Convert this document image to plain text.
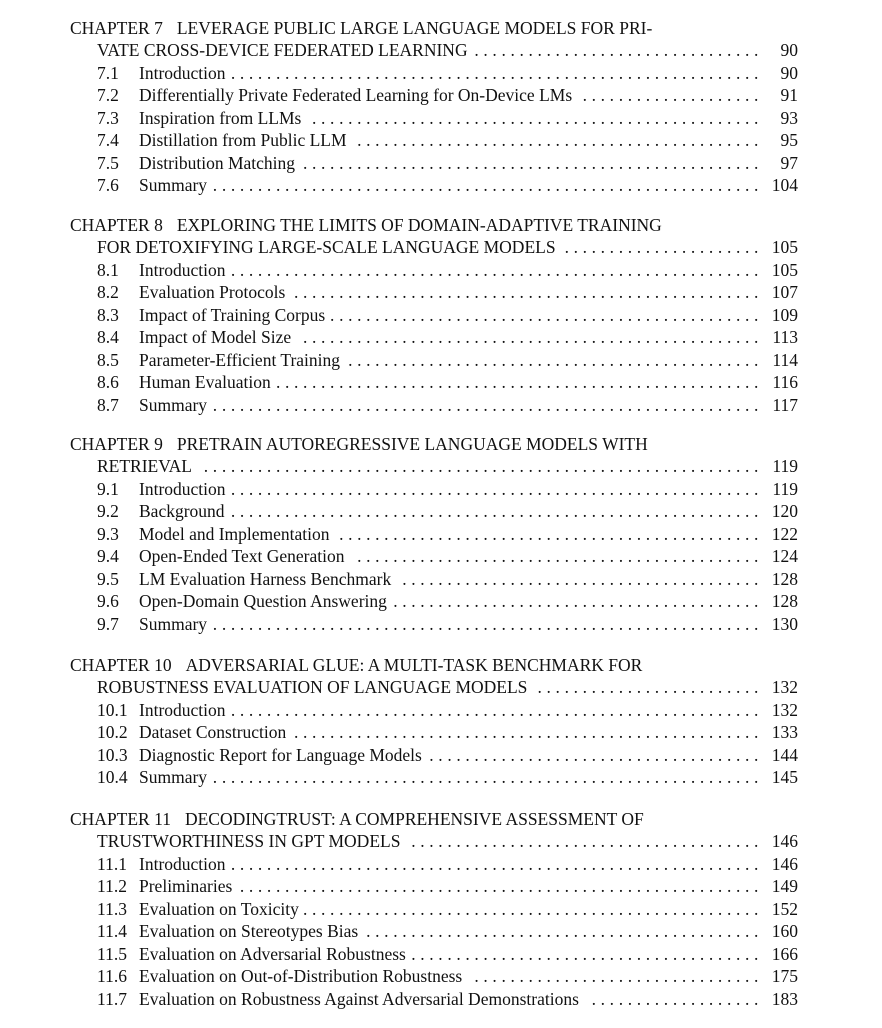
CHAPTER 7 LEVERAGE PUBLIC LARGE LANGUAGE MODELS FOR PRI-
VATE CROSS-DEVICE FEDERATED LEARNING . . . . . . . . . . . . . . . . . . . . . . . . . . . . . . . .	90
7.1 Introduction . . . . . . . . . . . . . . . . . . . . . . . . . . . . . . . . . . . . . . . . . . . . . . . . . . . . . . . . . . .	90
7.2 Differentially Private Federated Learning for On-Device LMs . . . . . . . . . . . . . . . . . . . .	91
7.3 Inspiration from LLMs . . . . . . . . . . . . . . . . . . . . . . . . . . . . . . . . . . . . . . . . . . . . . . . . . .	93
7.4 Distillation from Public LLM . . . . . . . . . . . . . . . . . . . . . . . . . . . . . . . . . . . . . . . . . . . . .	95
7.5 Distribution Matching . . . . . . . . . . . . . . . . . . . . . . . . . . . . . . . . . . . . . . . . . . . . . . . . . . .	97
7.6 Summary . . . . . . . . . . . . . . . . . . . . . . . . . . . . . . . . . . . . . . . . . . . . . . . . . . . . . . . . . . . . . 104
CHAPTER 8 EXPLORING THE LIMITS OF DOMAIN-ADAPTIVE TRAINING
FOR DETOXIFYING LARGE-SCALE LANGUAGE MODELS . . . . . . . . . . . . . . . . . . . . . . 105
8.1 Introduction . . . . . . . . . . . . . . . . . . . . . . . . . . . . . . . . . . . . . . . . . . . . . . . . . . . . . . . . . . . 105
8.2 Evaluation Protocols . . . . . . . . . . . . . . . . . . . . . . . . . . . . . . . . . . . . . . . . . . . . . . . . . . . . 107
8.3 Impact of Training Corpus . . . . . . . . . . . . . . . . . . . . . . . . . . . . . . . . . . . . . . . . . . . . . . . . 109
8.4 Impact of Model Size . . . . . . . . . . . . . . . . . . . . . . . . . . . . . . . . . . . . . . . . . . . . . . . . . . . 113
8.5 Parameter-Efficient Training . . . . . . . . . . . . . . . . . . . . . . . . . . . . . . . . . . . . . . . . . . . . . . 114
8.6 Human Evaluation . . . . . . . . . . . . . . . . . . . . . . . . . . . . . . . . . . . . . . . . . . . . . . . . . . . . . . 116
8.7 Summary . . . . . . . . . . . . . . . . . . . . . . . . . . . . . . . . . . . . . . . . . . . . . . . . . . . . . . . . . . . . . 117
CHAPTER 9 PRETRAIN AUTOREGRESSIVE LANGUAGE MODELS WITH
RETRIEVAL . . . . . . . . . . . . . . . . . . . . . . . . . . . . . . . . . . . . . . . . . . . . . . . . . . . . . . . . . . . . . . 119
9.1 Introduction . . . . . . . . . . . . . . . . . . . . . . . . . . . . . . . . . . . . . . . . . . . . . . . . . . . . . . . . . . . 119
9.2 Background . . . . . . . . . . . . . . . . . . . . . . . . . . . . . . . . . . . . . . . . . . . . . . . . . . . . . . . . . . . 120
9.3 Model and Implementation . . . . . . . . . . . . . . . . . . . . . . . . . . . . . . . . . . . . . . . . . . . . . . . 122
9.4 Open-Ended Text Generation . . . . . . . . . . . . . . . . . . . . . . . . . . . . . . . . . . . . . . . . . . . . . 124
9.5 LM Evaluation Harness Benchmark . . . . . . . . . . . . . . . . . . . . . . . . . . . . . . . . . . . . . . . . 128
9.6 Open-Domain Question Answering . . . . . . . . . . . . . . . . . . . . . . . . . . . . . . . . . . . . . . . . . 128
9.7 Summary . . . . . . . . . . . . . . . . . . . . . . . . . . . . . . . . . . . . . . . . . . . . . . . . . . . . . . . . . . . . . 130
CHAPTER 10 ADVERSARIAL GLUE: A MULTI-TASK BENCHMARK FOR
ROBUSTNESS EVALUATION OF LANGUAGE MODELS . . . . . . . . . . . . . . . . . . . . . . . . . 132
10.1 Introduction . . . . . . . . . . . . . . . . . . . . . . . . . . . . . . . . . . . . . . . . . . . . . . . . . . . . . . . . . . . 132
10.2 Dataset Construction . . . . . . . . . . . . . . . . . . . . . . . . . . . . . . . . . . . . . . . . . . . . . . . . . . . . 133
10.3 Diagnostic Report for Language Models . . . . . . . . . . . . . . . . . . . . . . . . . . . . . . . . . . . . . 144
10.4 Summary . . . . . . . . . . . . . . . . . . . . . . . . . . . . . . . . . . . . . . . . . . . . . . . . . . . . . . . . . . . . . 145
CHAPTER 11 DECODINGTRUST: A COMPREHENSIVE ASSESSMENT OF
TRUSTWORTHINESS IN GPT MODELS . . . . . . . . . . . . . . . . . . . . . . . . . . . . . . . . . . . . . . . 146
11.1 Introduction . . . . . . . . . . . . . . . . . . . . . . . . . . . . . . . . . . . . . . . . . . . . . . . . . . . . . . . . . . . 146
11.2 Preliminaries . . . . . . . . . . . . . . . . . . . . . . . . . . . . . . . . . . . . . . . . . . . . . . . . . . . . . . . . . . 149
11.3 Evaluation on Toxicity . . . . . . . . . . . . . . . . . . . . . . . . . . . . . . . . . . . . . . . . . . . . . . . . . . . 152
11.4 Evaluation on Stereotypes Bias . . . . . . . . . . . . . . . . . . . . . . . . . . . . . . . . . . . . . . . . . . . . 160
11.5 Evaluation on Adversarial Robustness . . . . . . . . . . . . . . . . . . . . . . . . . . . . . . . . . . . . . . . 166
11.6 Evaluation on Out-of-Distribution Robustness . . . . . . . . . . . . . . . . . . . . . . . . . . . . . . . . 175
11.7 Evaluation on Robustness Against Adversarial Demonstrations . . . . . . . . . . . . . . . . . . . 183
